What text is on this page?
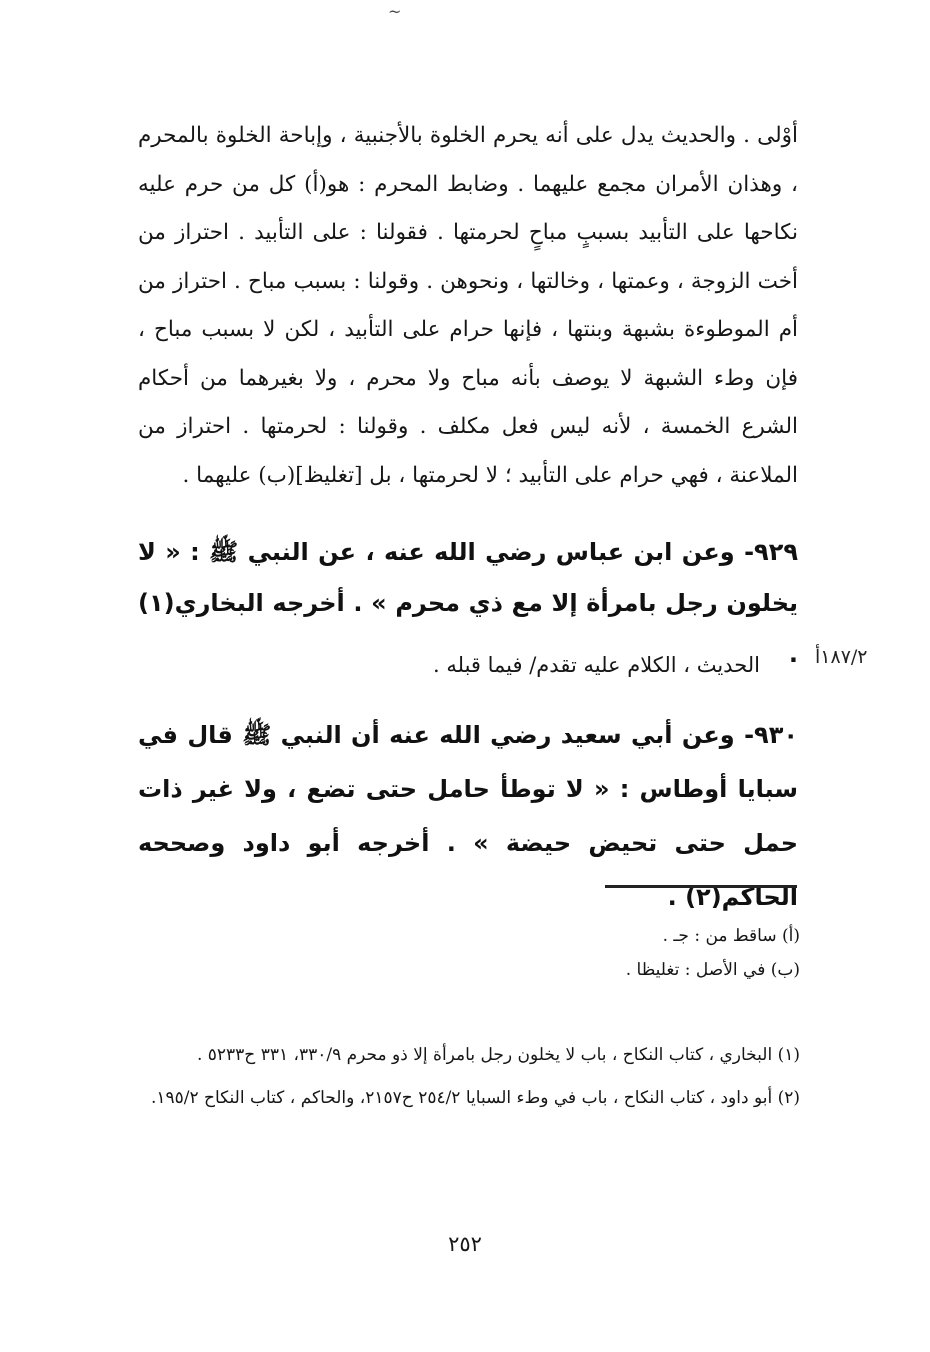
~

أوْلى . والحديث يدل على أنه يحرم الخلوة بالأجنبية ، وإباحة الخلوة بالمحرم ، وهذان الأمران مجمع عليهما . وضابط المحرم : هو(أ) كل من حرم عليه نكاحها على التأبيد بسببٍ مباحٍ لحرمتها . فقولنا : على التأبيد . احتراز من أخت الزوجة ، وعمتها ، وخالتها ، ونحوهن . وقولنا : بسبب مباح . احتراز من أم الموطوءة بشبهة وبنتها ، فإنها حرام على التأبيد ، لكن لا بسبب مباح ، فإن وطء الشبهة لا يوصف بأنه مباح ولا محرم ، ولا بغيرهما من أحكام الشرع الخمسة ، لأنه ليس فعل مكلف . وقولنا : لحرمتها . احتراز من الملاعنة ، فهي حرام على التأبيد ؛ لا لحرمتها ، بل [تغليظ](ب) عليهما .

٩٢٩- وعن ابن عباس رضي الله عنه ، عن النبي ﷺ : « لا يخلون رجل بامرأة إلا مع ذي محرم » . أخرجه البخاري(١) .

الحديث ، الكلام عليه تقدم/ فيما قبله .	١٨٧/٢أ

٩٣٠- وعن أبي سعيد رضي الله عنه أن النبي ﷺ قال في سبايا أوطاس : « لا توطأ حامل حتى تضع ، ولا غير ذات حمل حتى تحيض حيضة » . أخرجه أبو داود وصححه الحاكم(٢) .

(أ) ساقط من : جـ .

(ب) في الأصل : تغليظا .

(١) البخاري ، كتاب النكاح ، باب لا يخلون رجل بامرأة إلا ذو محرم ٣٣٠/٩، ٣٣١ ح٥٢٣٣ .

(٢) أبو داود ، كتاب النكاح ، باب في وطء السبايا ٢٥٤/٢ ح٢١٥٧، والحاكم ، كتاب النكاح ١٩٥/٢.

٢٥٢
